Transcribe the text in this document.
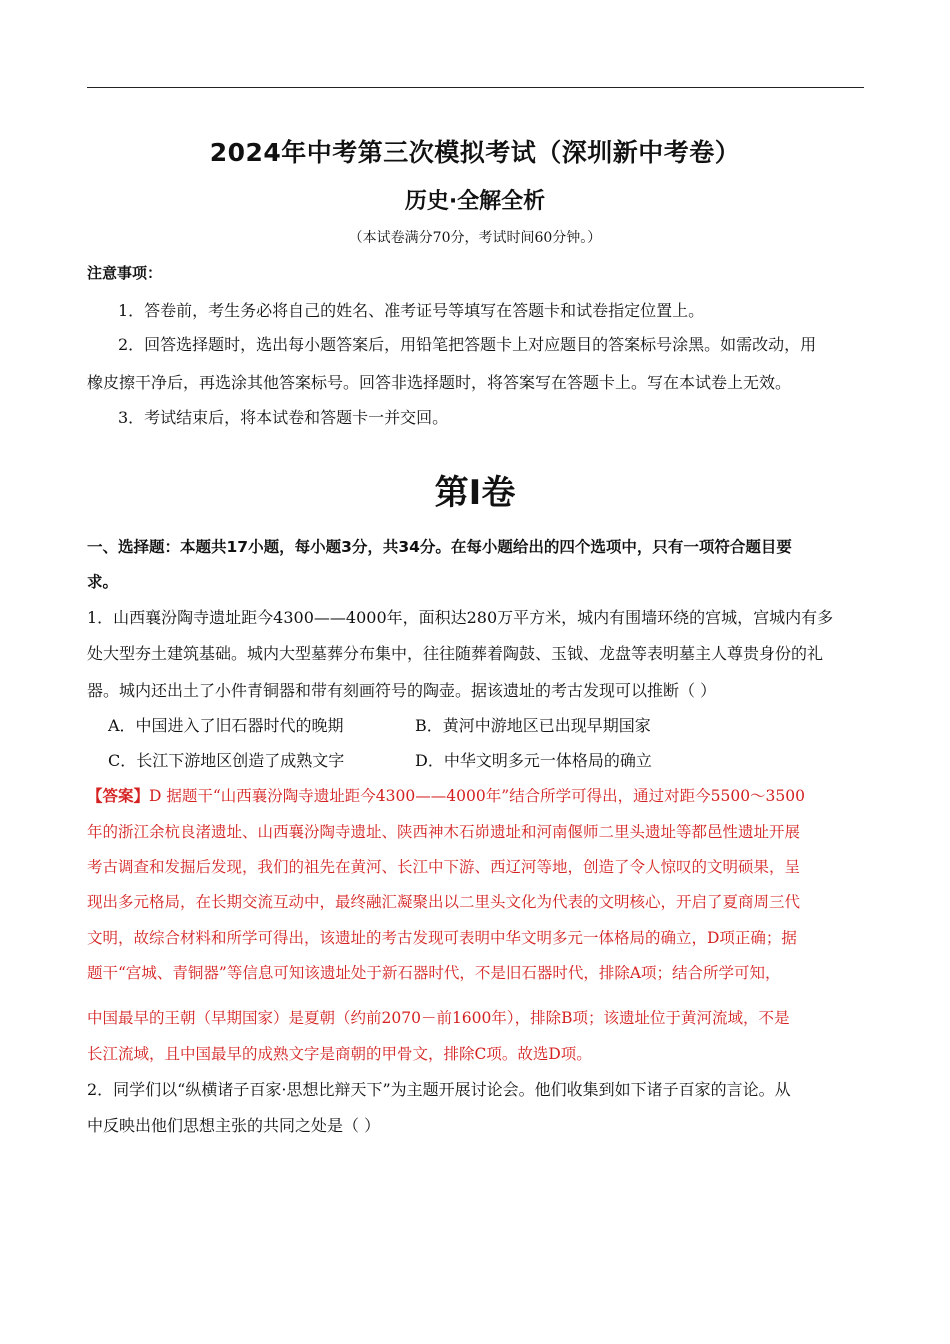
2024年中考第三次模拟考试（深圳新中考卷）
历史·全解全析
（本试卷满分70分，考试时间60分钟。）
注意事项：
1．答卷前，考生务必将自己的姓名、准考证号等填写在答题卡和试卷指定位置上。
2．回答选择题时，选出每小题答案后，用铅笔把答题卡上对应题目的答案标号涂黑。如需改动，用
橡皮擦干净后，再选涂其他答案标号。回答非选择题时，将答案写在答题卡上。写在本试卷上无效。
3．考试结束后，将本试卷和答题卡一并交回。
第Ⅰ卷
一、选择题：本题共17小题，每小题3分，共34分。在每小题给出的四个选项中，只有一项符合题目要
求。
1．山西襄汾陶寺遗址距今4300——4000年，面积达280万平方米，城内有围墙环绕的宫城，宫城内有多
处大型夯土建筑基础。城内大型墓葬分布集中，往往随葬着陶鼓、玉钺、龙盘等表明墓主人尊贵身份的礼
器。城内还出土了小件青铜器和带有刻画符号的陶壶。据该遗址的考古发现可以推断（ ）
A．中国进入了旧石器时代的晚期	B．黄河中游地区已出现早期国家
C．长江下游地区创造了成熟文字	D．中华文明多元一体格局的确立
【答案】D 据题干“山西襄汾陶寺遗址距今4300——4000年”结合所学可得出，通过对距今5500～3500
年的浙江余杭良渚遗址、山西襄汾陶寺遗址、陕西神木石峁遗址和河南偃师二里头遗址等都邑性遗址开展
考古调查和发掘后发现，我们的祖先在黄河、长江中下游、西辽河等地，创造了令人惊叹的文明硕果，呈
现出多元格局，在长期交流互动中，最终融汇凝聚出以二里头文化为代表的文明核心，开启了夏商周三代
文明，故综合材料和所学可得出，该遗址的考古发现可表明中华文明多元一体格局的确立，D项正确；据
题干“宫城、青铜器”等信息可知该遗址处于新石器时代，不是旧石器时代，排除A项；结合所学可知，
中国最早的王朝（早期国家）是夏朝（约前2070－前1600年），排除B项；该遗址位于黄河流域，不是
长江流域，且中国最早的成熟文字是商朝的甲骨文，排除C项。故选D项。
2．同学们以“纵横诸子百家·思想比辩天下”为主题开展讨论会。他们收集到如下诸子百家的言论。从
中反映出他们思想主张的共同之处是（ ）
